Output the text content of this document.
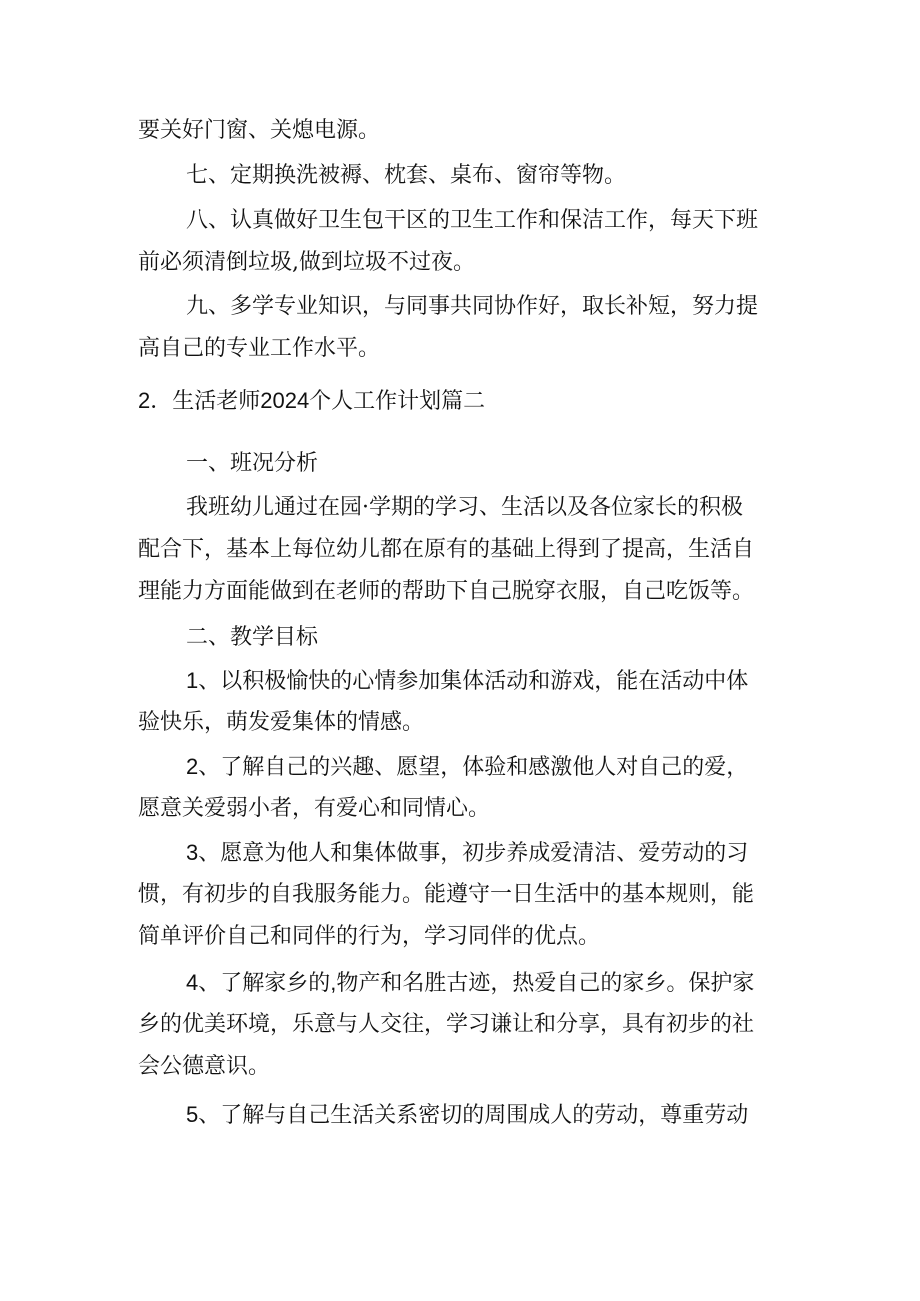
要关好门窗、关熄电源。
七、定期换洗被褥、枕套、桌布、窗帘等物。
八、认真做好卫生包干区的卫生工作和保洁工作，每天下班
前必须清倒垃圾,做到垃圾不过夜。
九、多学专业知识，与同事共同协作好，取长补短，努力提
高自己的专业工作水平。
2．生活老师2024个人工作计划篇二
一、班况分析
我班幼儿通过在园·学期的学习、生活以及各位家长的积极
配合下，基本上每位幼儿都在原有的基础上得到了提高，生活自
理能力方面能做到在老师的帮助下自己脱穿衣服，自己吃饭等。
二、教学目标
1、以积极愉快的心情参加集体活动和游戏，能在活动中体
验快乐，萌发爱集体的情感。
2、了解自己的兴趣、愿望，体验和感激他人对自己的爱，
愿意关爱弱小者，有爱心和同情心。
3、愿意为他人和集体做事，初步养成爱清洁、爱劳动的习
惯，有初步的自我服务能力。能遵守一日生活中的基本规则，能
简单评价自己和同伴的行为，学习同伴的优点。
4、了解家乡的,物产和名胜古迹，热爱自己的家乡。保护家
乡的优美环境，乐意与人交往，学习谦让和分享，具有初步的社
会公德意识。
5、了解与自己生活关系密切的周围成人的劳动，尊重劳动
